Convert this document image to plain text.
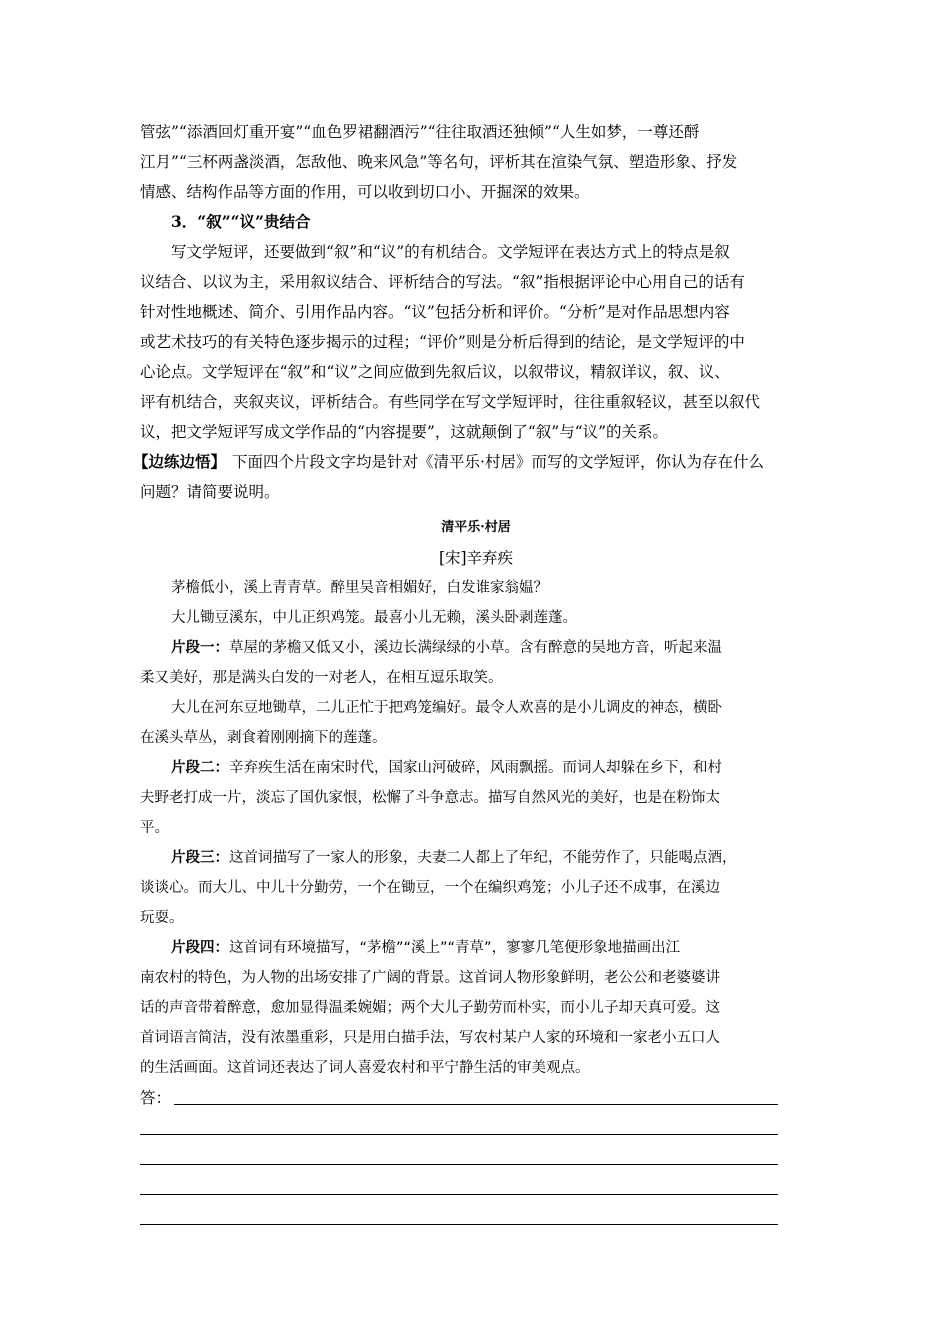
管弦”“添酒回灯重开宴”“血色罗裙翻酒污”“往往取酒还独倾”“人生如梦，一尊还酹
江月”“三杯两盏淡酒，怎敌他、晚来风急”等名句，评析其在渲染气氛、塑造形象、抒发
情感、结构作品等方面的作用，可以收到切口小、开掘深的效果。
3．“叙”“议”贵结合
写文学短评，还要做到“叙”和“议”的有机结合。文学短评在表达方式上的特点是叙
议结合、以议为主，采用叙议结合、评析结合的写法。“叙”指根据评论中心用自己的话有
针对性地概述、简介、引用作品内容。“议”包括分析和评价。“分析”是对作品思想内容
或艺术技巧的有关特色逐步揭示的过程；“评价”则是分析后得到的结论，是文学短评的中
心论点。文学短评在“叙”和“议”之间应做到先叙后议，以叙带议，精叙详议，叙、议、
评有机结合，夹叙夹议，评析结合。有些同学在写文学短评时，往往重叙轻议，甚至以叙代
议，把文学短评写成文学作品的“内容提要”，这就颠倒了“叙”与“议”的关系。
【边练边悟】 下面四个片段文字均是针对《清平乐·村居》而写的文学短评，你认为存在什么
问题？请简要说明。
清平乐·村居
[宋]辛弃疾
茅檐低小，溪上青青草。醉里吴音相媚好，白发谁家翁媪？
大儿锄豆溪东，中儿正织鸡笼。最喜小儿无赖，溪头卧剥莲蓬。
片段一：草屋的茅檐又低又小，溪边长满绿绿的小草。含有醉意的吴地方音，听起来温
柔又美好，那是满头白发的一对老人，在相互逗乐取笑。
大儿在河东豆地锄草，二儿正忙于把鸡笼编好。最令人欢喜的是小儿调皮的神态，横卧
在溪头草丛，剥食着刚刚摘下的莲蓬。
片段二：辛弃疾生活在南宋时代，国家山河破碎，风雨飘摇。而词人却躲在乡下，和村
夫野老打成一片，淡忘了国仇家恨，松懈了斗争意志。描写自然风光的美好，也是在粉饰太
平。
片段三：这首词描写了一家人的形象，夫妻二人都上了年纪，不能劳作了，只能喝点酒，
谈谈心。而大儿、中儿十分勤劳，一个在锄豆，一个在编织鸡笼；小儿子还不成事，在溪边
玩耍。
片段四：这首词有环境描写，“茅檐”“溪上”“青草”，寥寥几笔便形象地描画出江
南农村的特色，为人物的出场安排了广阔的背景。这首词人物形象鲜明，老公公和老婆婆讲
话的声音带着醉意，愈加显得温柔婉媚；两个大儿子勤劳而朴实，而小儿子却天真可爱。这
首词语言简洁，没有浓墨重彩，只是用白描手法，写农村某户人家的环境和一家老小五口人
的生活画面。这首词还表达了词人喜爱农村和平宁静生活的审美观点。
答：
